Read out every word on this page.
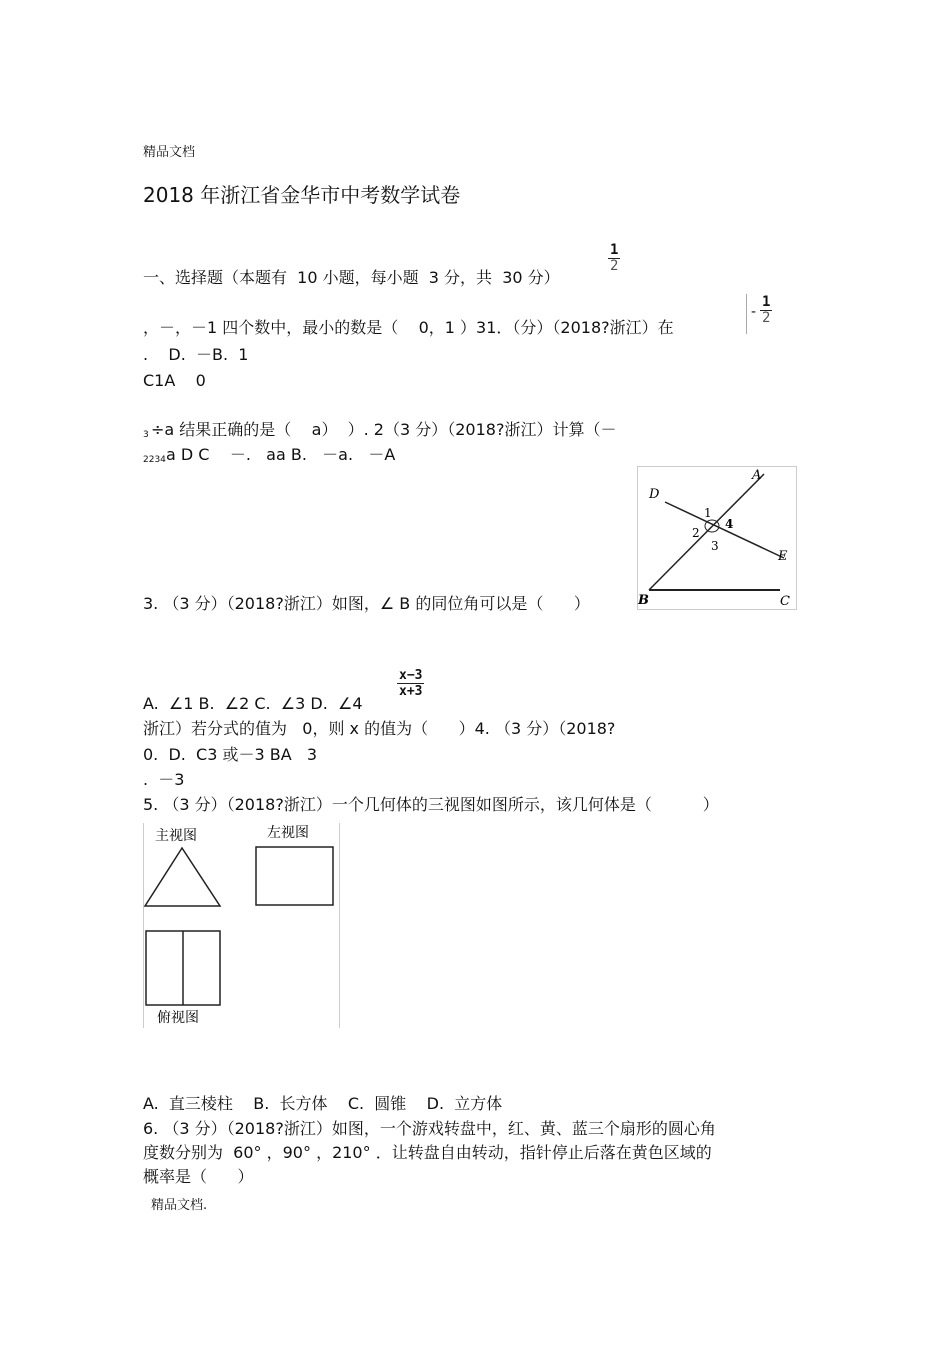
精品文档
2018 年浙江省金华市中考数学试卷
一、选择题（本题有  10 小题，每小题  3 分，共  30 分）
$\frac{1}{2}$
- $\frac{1}{2}$
，－，－1 四个数中，最小的数是（    0，1 ）31．（分）（2018?浙江）在
.    D.  －B.  1
C1A    0
3 ÷a 结果正确的是（    a）  ）. 2（3 分）（2018?浙江）计算（－
2234 a D C    －.   aa B.   －a.   －A
A
D
E
B	C
1
2
3
4
3. （3 分）（2018?浙江）如图，∠ B 的同位角可以是（      ）
A.  ∠1 B.  ∠2 C.  ∠3 D.  ∠4
$\frac{x-3}{x+3}$
浙江）若分式的值为   0，则 x 的值为（      ）4. （3 分）（2018?
0.  D.  C3 或－3 BA   3
.  －3
5. （3 分）（2018?浙江）一个几何体的三视图如图所示，该几何体是（          ）
主视图	左视图
俯视图
A.  直三棱柱    B.  长方体    C.  圆锥    D.  立方体
6. （3 分）（2018?浙江）如图，一个游戏转盘中，红、黄、蓝三个扇形的圆心角
度数分别为  60° ，90° ，210° ．让转盘自由转动，指针停止后落在黄色区域的
概率是（      ）
精品文档.
